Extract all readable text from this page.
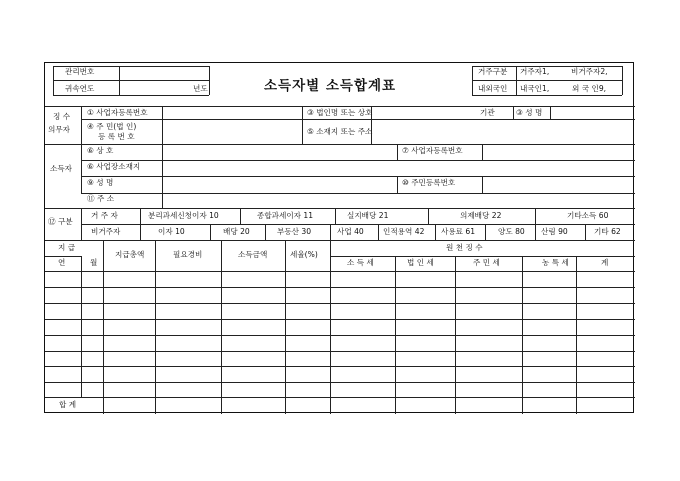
관리번호
귀속연도	년도	소득자별 소득합계표
거주구분 거주자1,	비거주자2,
내외국인 내국인1,	외 국 인9,
징 수
의무자
① 사업자등록번호	③ 법인명 또는 상호	기관	③ 성 명
④ 주 민(법 인)
등 록 번 호
⑤ 소재지 또는 주소
소득자
⑥ 상 호	⑦ 사업자등록번호
⑥ 사업장소재지
⑨ 성 명	⑩ 주민등록번호
⑪ 주 소
⑫ 구분
거 주 자	분리과세신청이자 10	종합과세이자 11	실지배당 21	의제배당 22	기타소득 60
비거주자	이자 10	배당 20	부동산 30	사업 40	인적용역 42 사용료 61	양도 80 산림 90	기타 62
지 급
연	월
지급총액	필요경비	소득금액	세율(%)
원 천 징 수
소 득 세	법 인 세	주 민 세	농 특 세	계
합 계
